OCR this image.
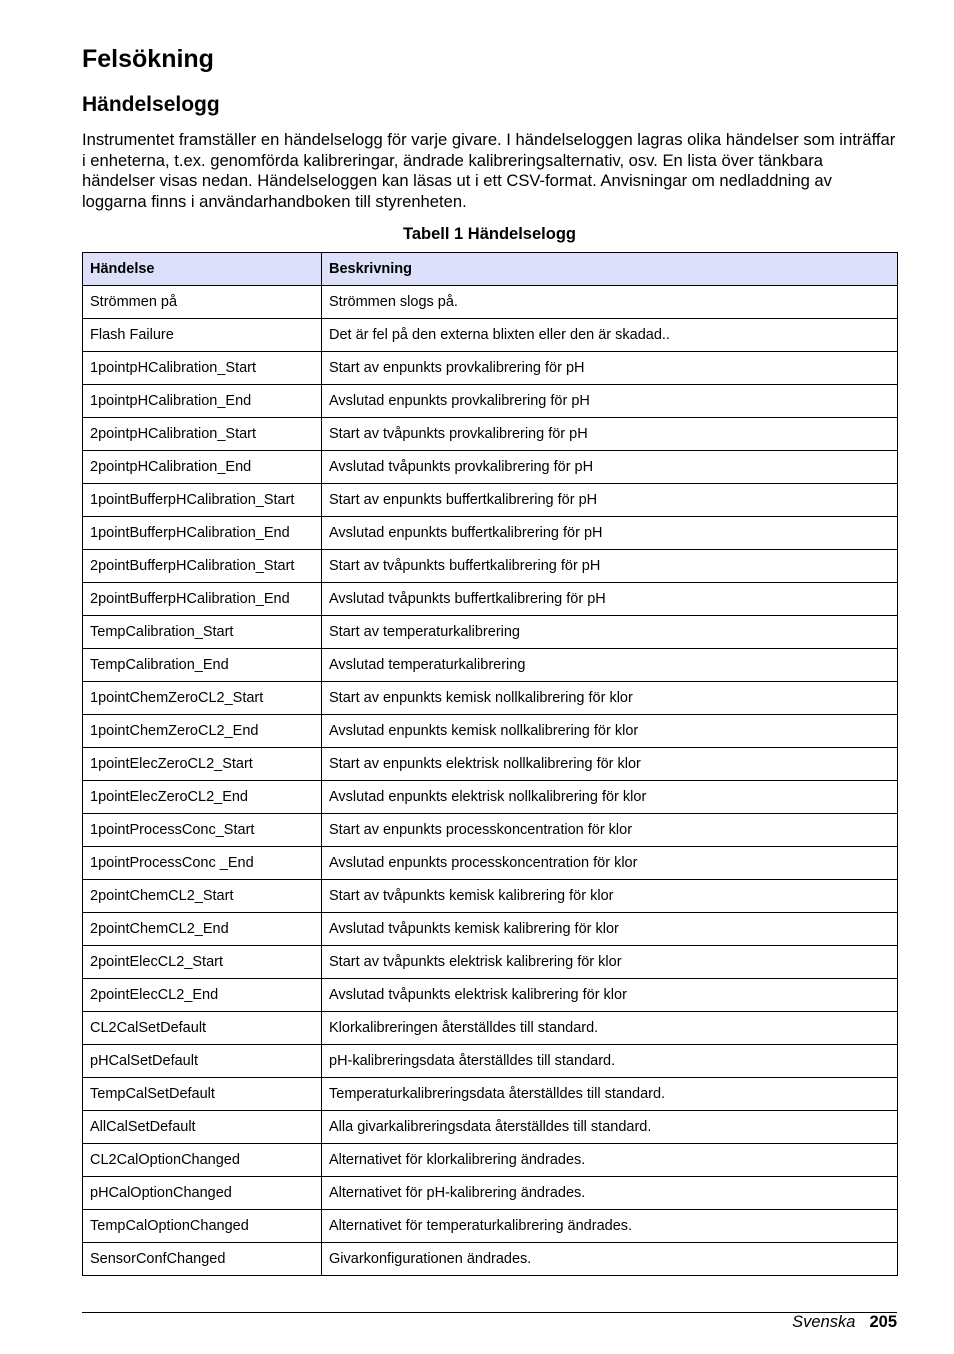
Felsökning
Händelselogg

Instrumentet framställer en händelselogg för varje givare. I händelseloggen lagras olika händelser som inträffar i enheterna, t.ex. genomförda kalibreringar, ändrade kalibreringsalternativ, osv. En lista över tänkbara händelser visas nedan. Händelseloggen kan läsas ut i ett CSV-format. Anvisningar om nedladdning av loggarna finns i användarhandboken till styrenheten.

Tabell 1 Händelselogg
Händelse	Beskrivning
Strömmen på	Strömmen slogs på.
Flash Failure	Det är fel på den externa blixten eller den är skadad..
1pointpHCalibration_Start	Start av enpunkts provkalibrering för pH
1pointpHCalibration_End	Avslutad enpunkts provkalibrering för pH
2pointpHCalibration_Start	Start av tvåpunkts provkalibrering för pH
2pointpHCalibration_End	Avslutad tvåpunkts provkalibrering för pH
1pointBufferpHCalibration_Start	Start av enpunkts buffertkalibrering för pH
1pointBufferpHCalibration_End	Avslutad enpunkts buffertkalibrering för pH
2pointBufferpHCalibration_Start	Start av tvåpunkts buffertkalibrering för pH
2pointBufferpHCalibration_End	Avslutad tvåpunkts buffertkalibrering för pH
TempCalibration_Start	Start av temperaturkalibrering
TempCalibration_End	Avslutad temperaturkalibrering
1pointChemZeroCL2_Start	Start av enpunkts kemisk nollkalibrering för klor
1pointChemZeroCL2_End	Avslutad enpunkts kemisk nollkalibrering för klor
1pointElecZeroCL2_Start	Start av enpunkts elektrisk nollkalibrering för klor
1pointElecZeroCL2_End	Avslutad enpunkts elektrisk nollkalibrering för klor
1pointProcessConc_Start	Start av enpunkts processkoncentration för klor
1pointProcessConc _End	Avslutad enpunkts processkoncentration för klor
2pointChemCL2_Start	Start av tvåpunkts kemisk kalibrering för klor
2pointChemCL2_End	Avslutad tvåpunkts kemisk kalibrering för klor
2pointElecCL2_Start	Start av tvåpunkts elektrisk kalibrering för klor
2pointElecCL2_End	Avslutad tvåpunkts elektrisk kalibrering för klor
CL2CalSetDefault	Klorkalibreringen återställdes till standard.
pHCalSetDefault	pH-kalibreringsdata återställdes till standard.
TempCalSetDefault	Temperaturkalibreringsdata återställdes till standard.
AllCalSetDefault	Alla givarkalibreringsdata återställdes till standard.
CL2CalOptionChanged	Alternativet för klorkalibrering ändrades.
pHCalOptionChanged	Alternativet för pH-kalibrering ändrades.
TempCalOptionChanged	Alternativet för temperaturkalibrering ändrades.
SensorConfChanged	Givarkonfigurationen ändrades.
Svenska 205
